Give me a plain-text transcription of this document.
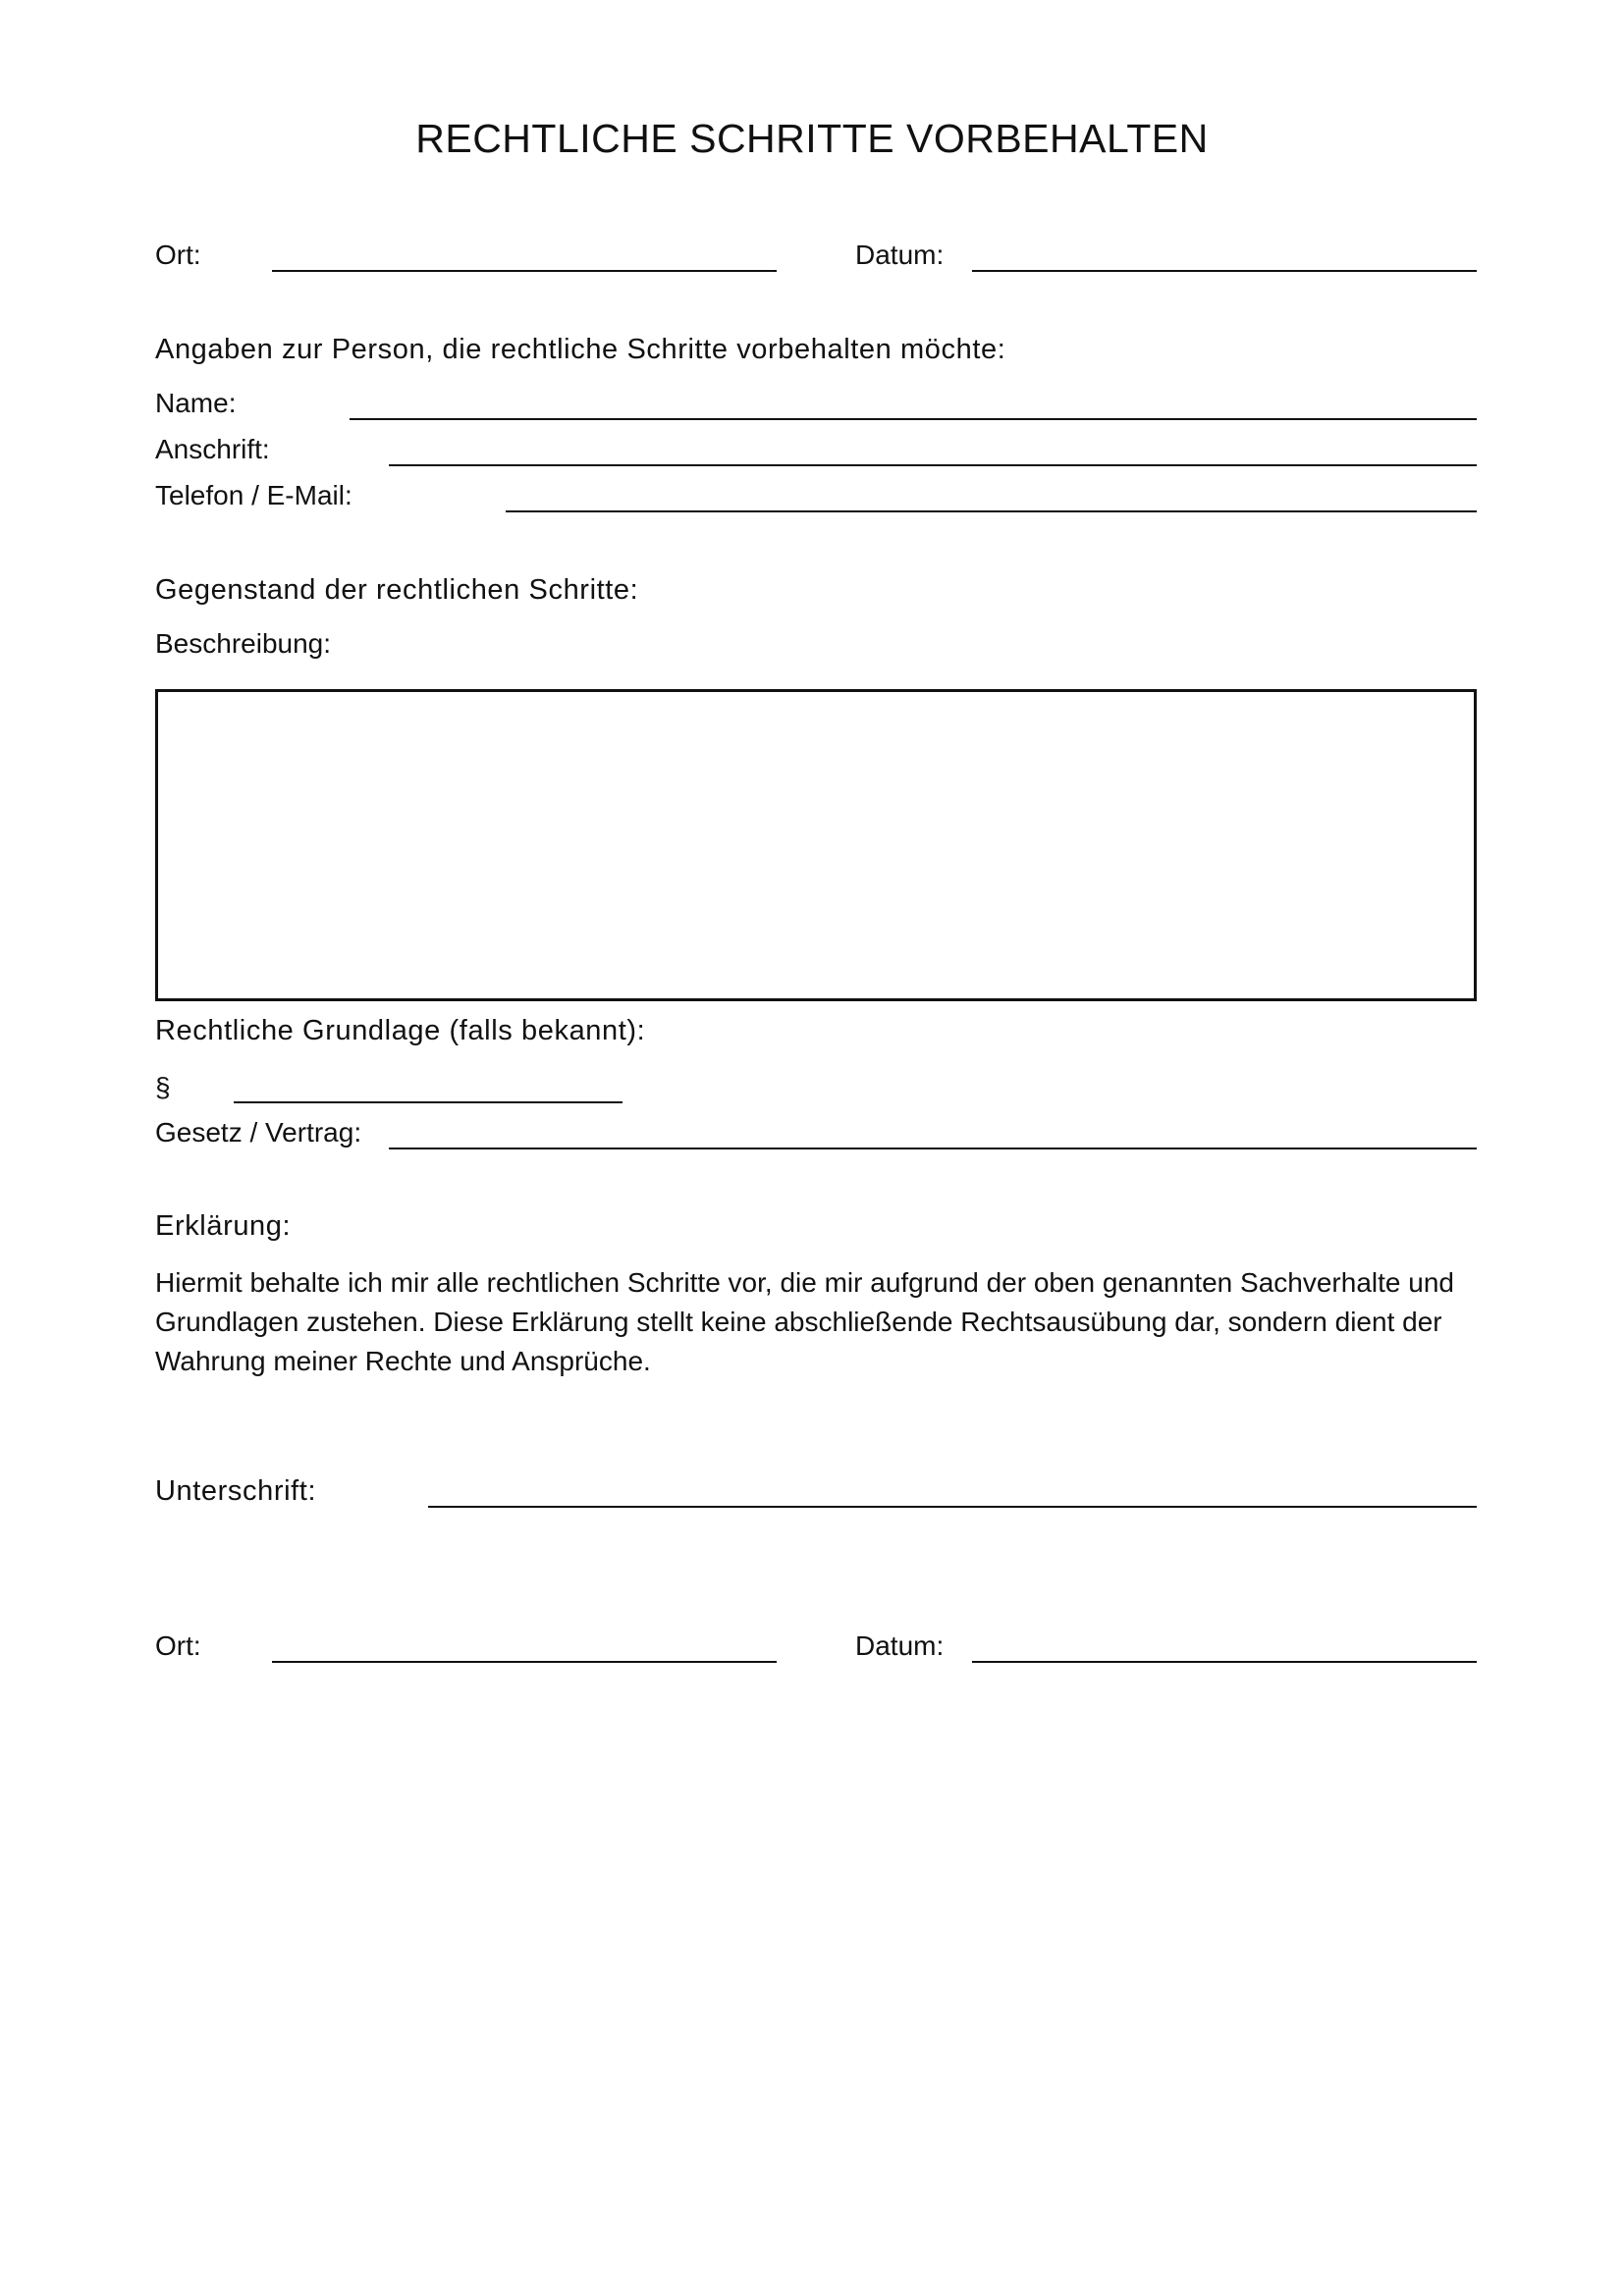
RECHTLICHE SCHRITTE VORBEHALTEN
Ort:	Datum:
Angaben zur Person, die rechtliche Schritte vorbehalten möchte:
Name:
Anschrift:
Telefon / E-Mail:
Gegenstand der rechtlichen Schritte:
Beschreibung:
Rechtliche Grundlage (falls bekannt):
§
Gesetz / Vertrag:
Erklärung:
Hiermit behalte ich mir alle rechtlichen Schritte vor, die mir aufgrund der oben genannten Sachverhalte und Grundlagen zustehen. Diese Erklärung stellt keine abschließende Rechtsausübung dar, sondern dient der Wahrung meiner Rechte und Ansprüche.
Unterschrift:
Ort:	Datum:
